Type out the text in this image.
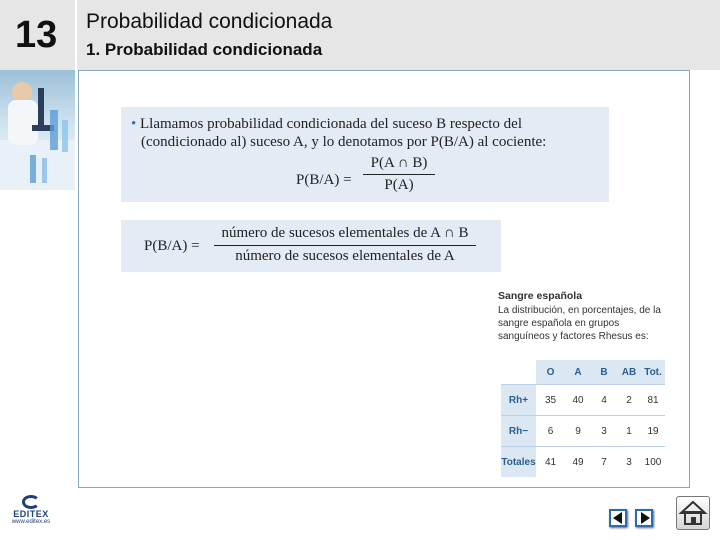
13 Probabilidad condicionada
1. Probabilidad condicionada
• Llamamos probabilidad condicionada del suceso B respecto del (condicionado al) suceso A, y lo denotamos por P(B/A) al cociente:
P(B/A) =
P(A ∩ B)
P(A)
P(B/A) =
número de sucesos elementales de A ∩ B
número de sucesos elementales de A
Sangre española
La distribución, en porcentajes, de la sangre española en grupos sanguíneos y factores Rhesus es:
	O	A	B	AB	Tot.
Rh+	35	40	4	2	81
Rh−	6	9	3	1	19
Totales	41	49	7	3	100
EDITEX
www.editex.es
